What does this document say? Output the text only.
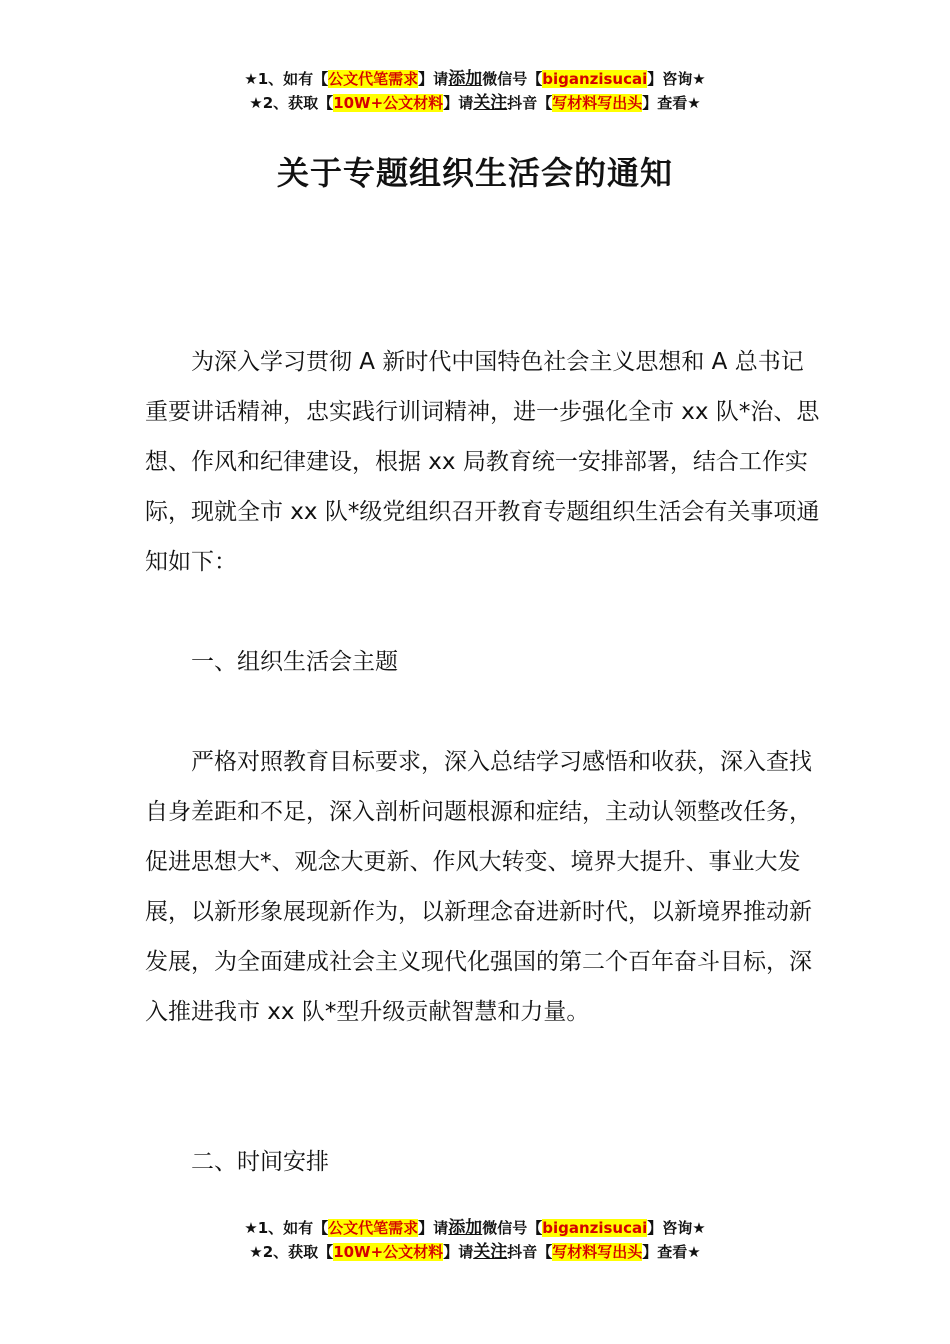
★1、如有【公文代笔需求】请添加微信号【biganzisucai】咨询★
★2、获取【10W+公文材料】请关注抖音【写材料写出头】查看★
关于专题组织生活会的通知

为深入学习贯彻 A 新时代中国特色社会主义思想和 A 总书记重要讲话精神，忠实践行训词精神，进一步强化全市 xx 队*治、思想、作风和纪律建设，根据 xx 局教育统一安排部署，结合工作实际，现就全市 xx 队*级党组织召开教育专题组织生活会有关事项通知如下：

一、组织生活会主题

严格对照教育目标要求，深入总结学习感悟和收获，深入查找自身差距和不足，深入剖析问题根源和症结，主动认领整改任务，促进思想大*、观念大更新、作风大转变、境界大提升、事业大发展，以新形象展现新作为，以新理念奋进新时代，以新境界推动新发展，为全面建成社会主义现代化强国的第二个百年奋斗目标，深入推进我市 xx 队*型升级贡献智慧和力量。

二、时间安排

★1、如有【公文代笔需求】请添加微信号【biganzisucai】咨询★
★2、获取【10W+公文材料】请关注抖音【写材料写出头】查看★
